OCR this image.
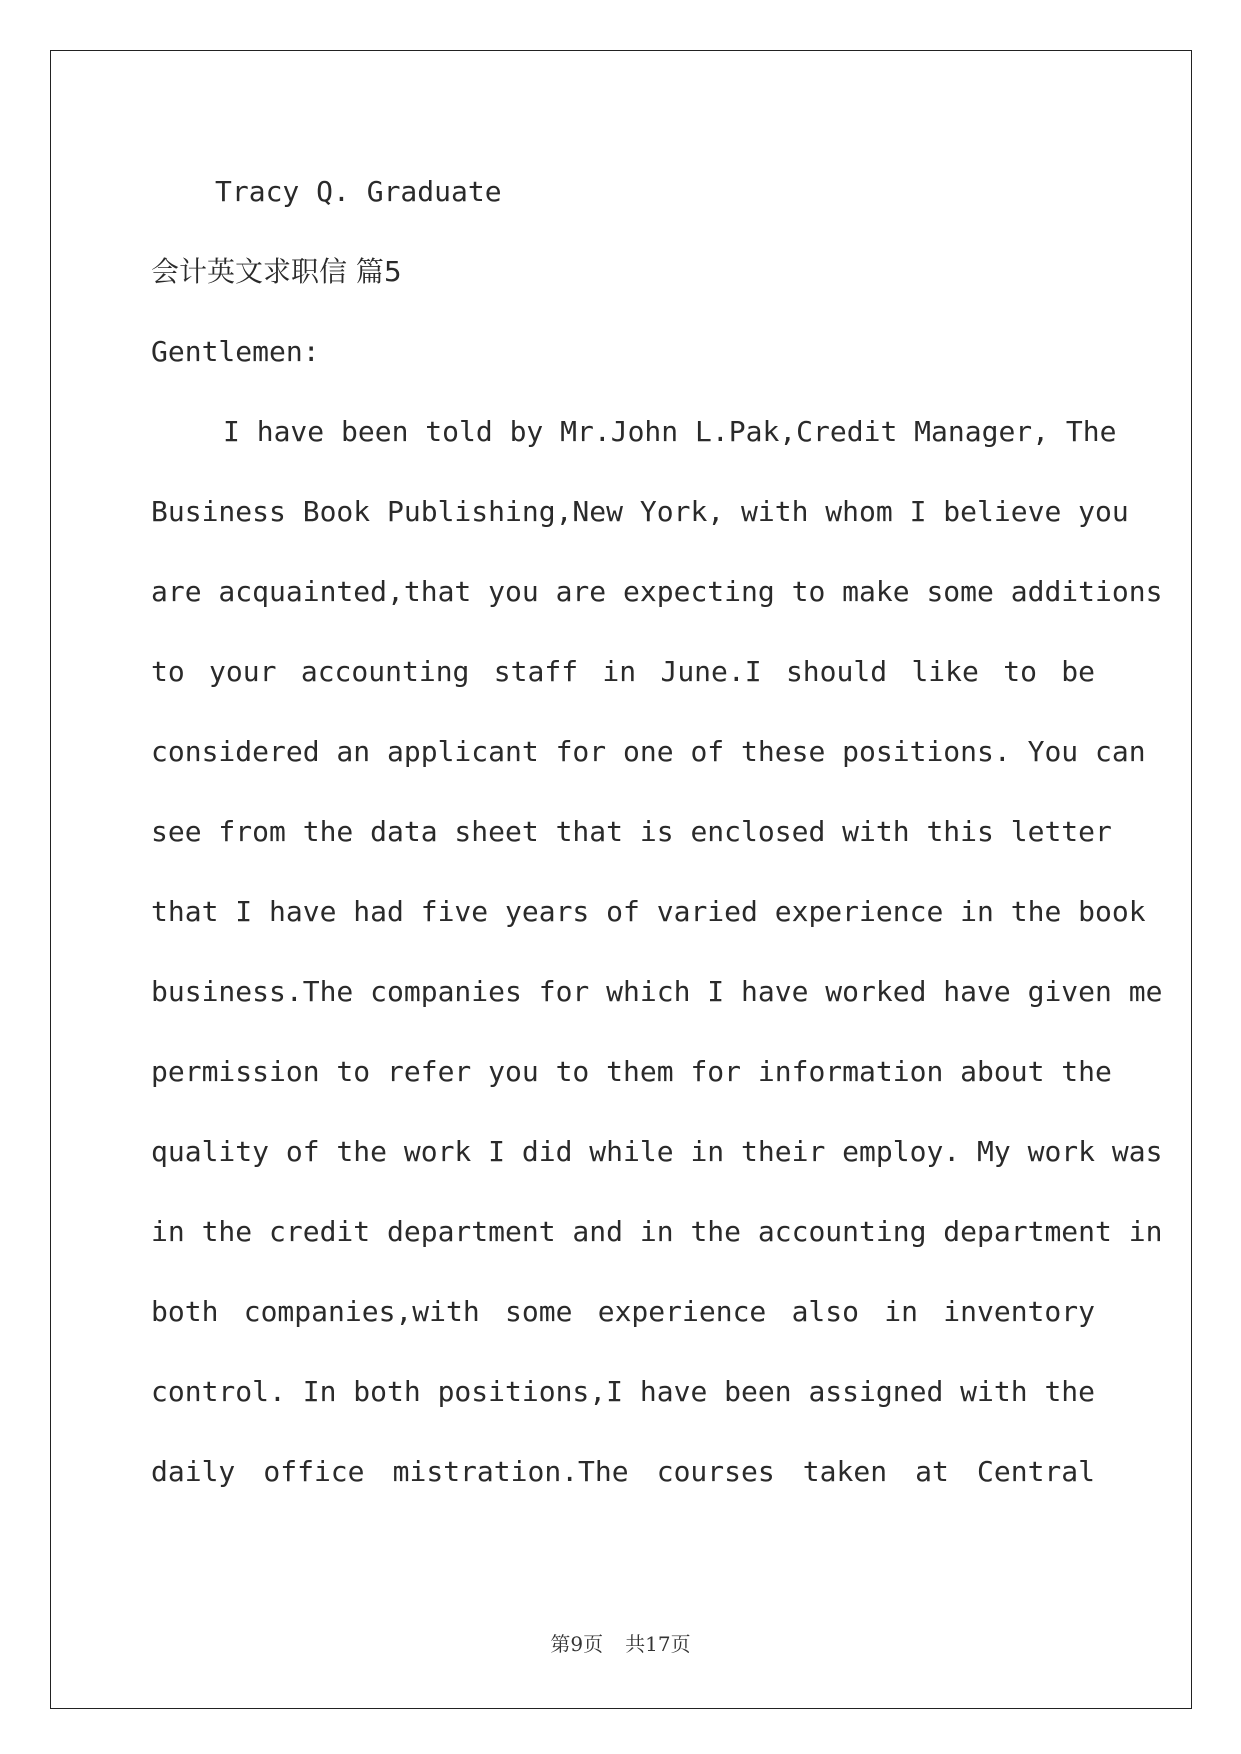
Tracy Q. Graduate
会计英文求职信 篇5
Gentlemen:
I have been told by Mr.John L.Pak,Credit Manager, The
Business Book Publishing,New York, with whom I believe you
are acquainted,that you are expecting to make some additions
to your accounting staff in June.I should like to be
considered an applicant for one of these positions. You can
see from the data sheet that is enclosed with this letter
that I have had five years of varied experience in the book
business.The companies for which I have worked have given me
permission to refer you to them for information about the
quality of the work I did while in their employ. My work was
in the credit department and in the accounting department in
both companies,with some experience also in inventory
control. In both positions,I have been assigned with the
daily office mistration.The courses taken at Central
第9页 共17页
